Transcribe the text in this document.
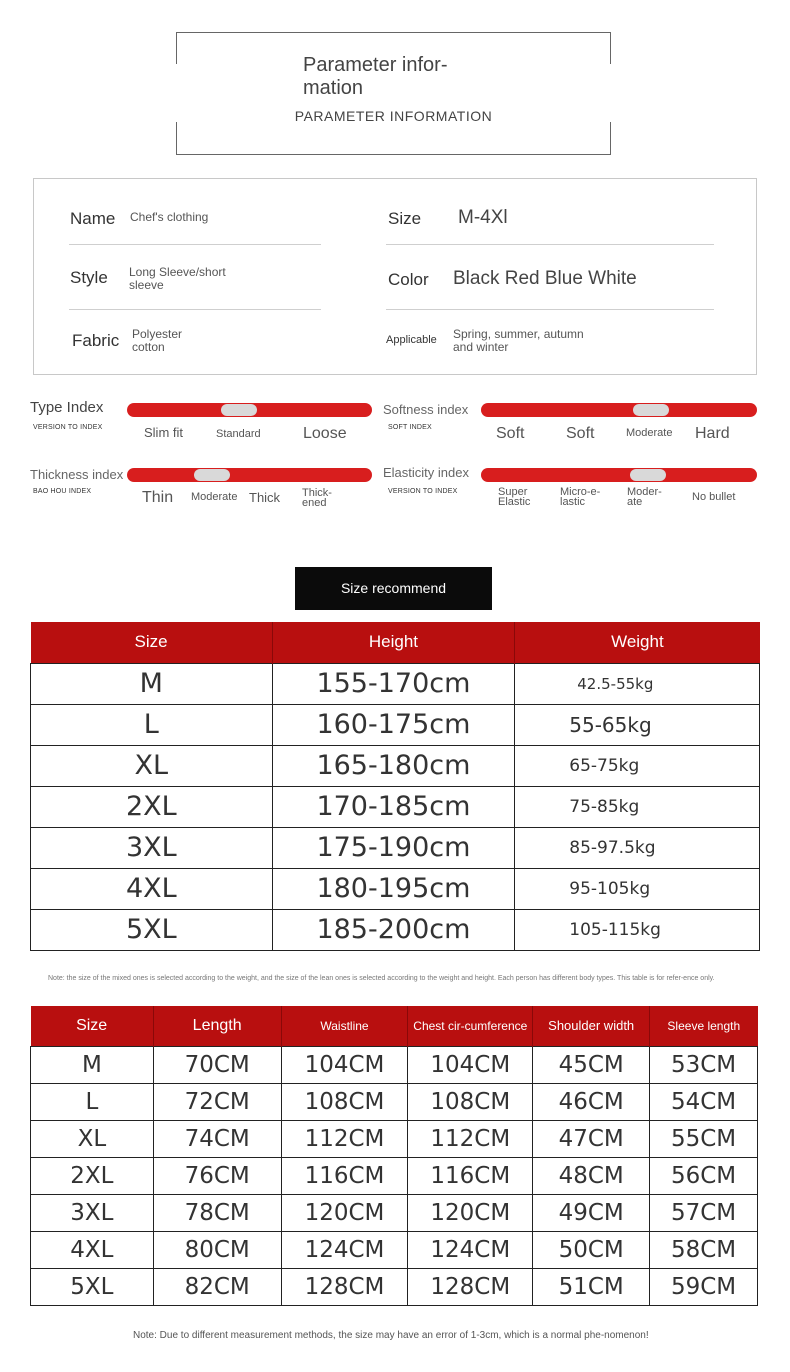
Parameter infor-
mation
PARAMETER INFORMATION
Name Chef's clothing	Size M-4Xl
Style Long Sleeve/short sleeve	Color Black Red Blue White
Fabric Polyester cotton	Applicable Spring, summer, autumn and winter
Type Index
VERSION TO INDEX	Slim fit	Standard	Loose
Softness index
SOFT INDEX	Soft	Soft	Moderate Hard
Thickness index
BAO HOU INDEX	Thin Moderate Thick Thick-ened
Elasticity index
VERSION TO INDEX	Super Elastic
Micro-e-lastic
Moder-ate	No bullet
Size recommend
Size	Height	Weight
M	155-170cm	42.5-55kg
L	160-175cm	55-65kg
XL	165-180cm	65-75kg
2XL	170-185cm	75-85kg
3XL	175-190cm	85-97.5kg
4XL	180-195cm	95-105kg
5XL	185-200cm	105-115kg
Note: the size of the mixed ones is selected according to the weight, and the size of the lean ones is selected according to the weight and height. Each person has different body types. This table is for refer-ence only.
Size	Length	Waistline	Chest cir-cumference	Shoulder width	Sleeve length
M	70CM	104CM	104CM	45CM	53CM
L	72CM	108CM	108CM	46CM	54CM
XL	74CM	112CM	112CM	47CM	55CM
2XL	76CM	116CM	116CM	48CM	56CM
3XL	78CM	120CM	120CM	49CM	57CM
4XL	80CM	124CM	124CM	50CM	58CM
5XL	82CM	128CM	128CM	51CM	59CM
Note: Due to different measurement methods, the size may have an error of 1-3cm, which is a normal phe-nomenon!
